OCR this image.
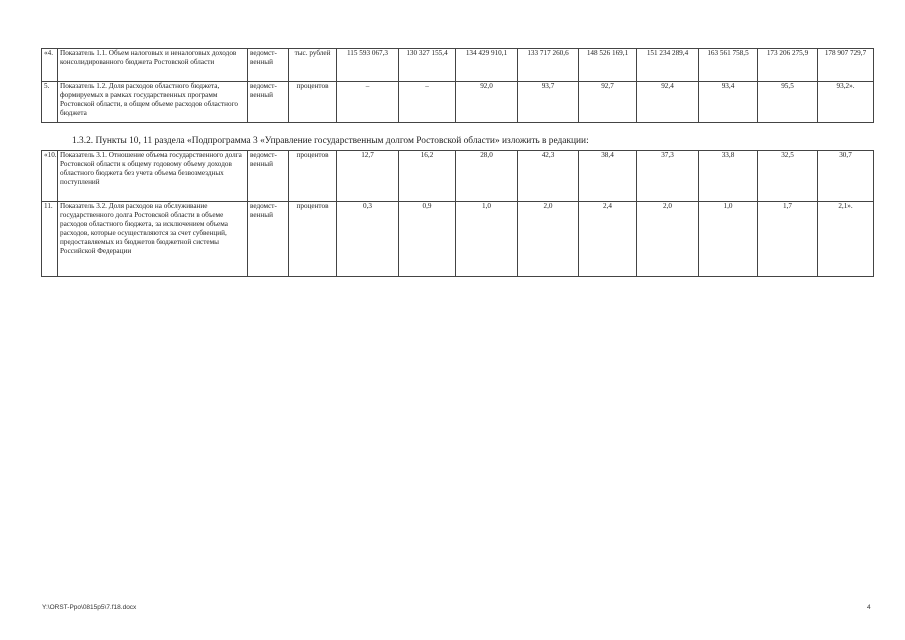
«4.	Показатель 1.1. Объем налоговых и неналоговых доходов консолидированного бюджета Ростовской области	ведомст-венный	тыс. рублей	115 593 067,3	130 327 155,4	134 429 910,1	133 717 260,6	148 526 169,1	151 234 289,4	163 561 758,5	173 206 275,9	178 907 729,7
5.	Показатель 1.2. Доля расходов областного бюджета, формируемых в рамках государственных программ Ростовской области, в общем объеме расходов областного бюджета	ведомст-венный	процентов	–	–	92,0	93,7	92,7	92,4	93,4	95,5	93,2».
1.3.2. Пункты 10, 11 раздела «Подпрограмма 3 «Управление государственным долгом Ростовской области» изложить в редакции:
«10.	Показатель 3.1. Отношение объема государственного долга Ростовской области к общему годовому объему доходов областного бюджета без учета объема безвозмездных поступлений	ведомст-венный	процентов	12,7	16,2	28,0	42,3	38,4	37,3	33,8	32,5	30,7
11.	Показатель 3.2. Доля расходов на обслуживание государственного долга Ростовской области в объеме расходов областного бюджета, за исключением объема расходов, которые осуществляются за счет субвенций, предоставляемых из бюджетов бюджетной системы Российской Федерации	ведомст-венный	процентов	0,3	0,9	1,0	2,0	2,4	2,0	1,0	1,7	2,1».
Y:\ORST-Ppo\0815p5\7.f18.docx	4
